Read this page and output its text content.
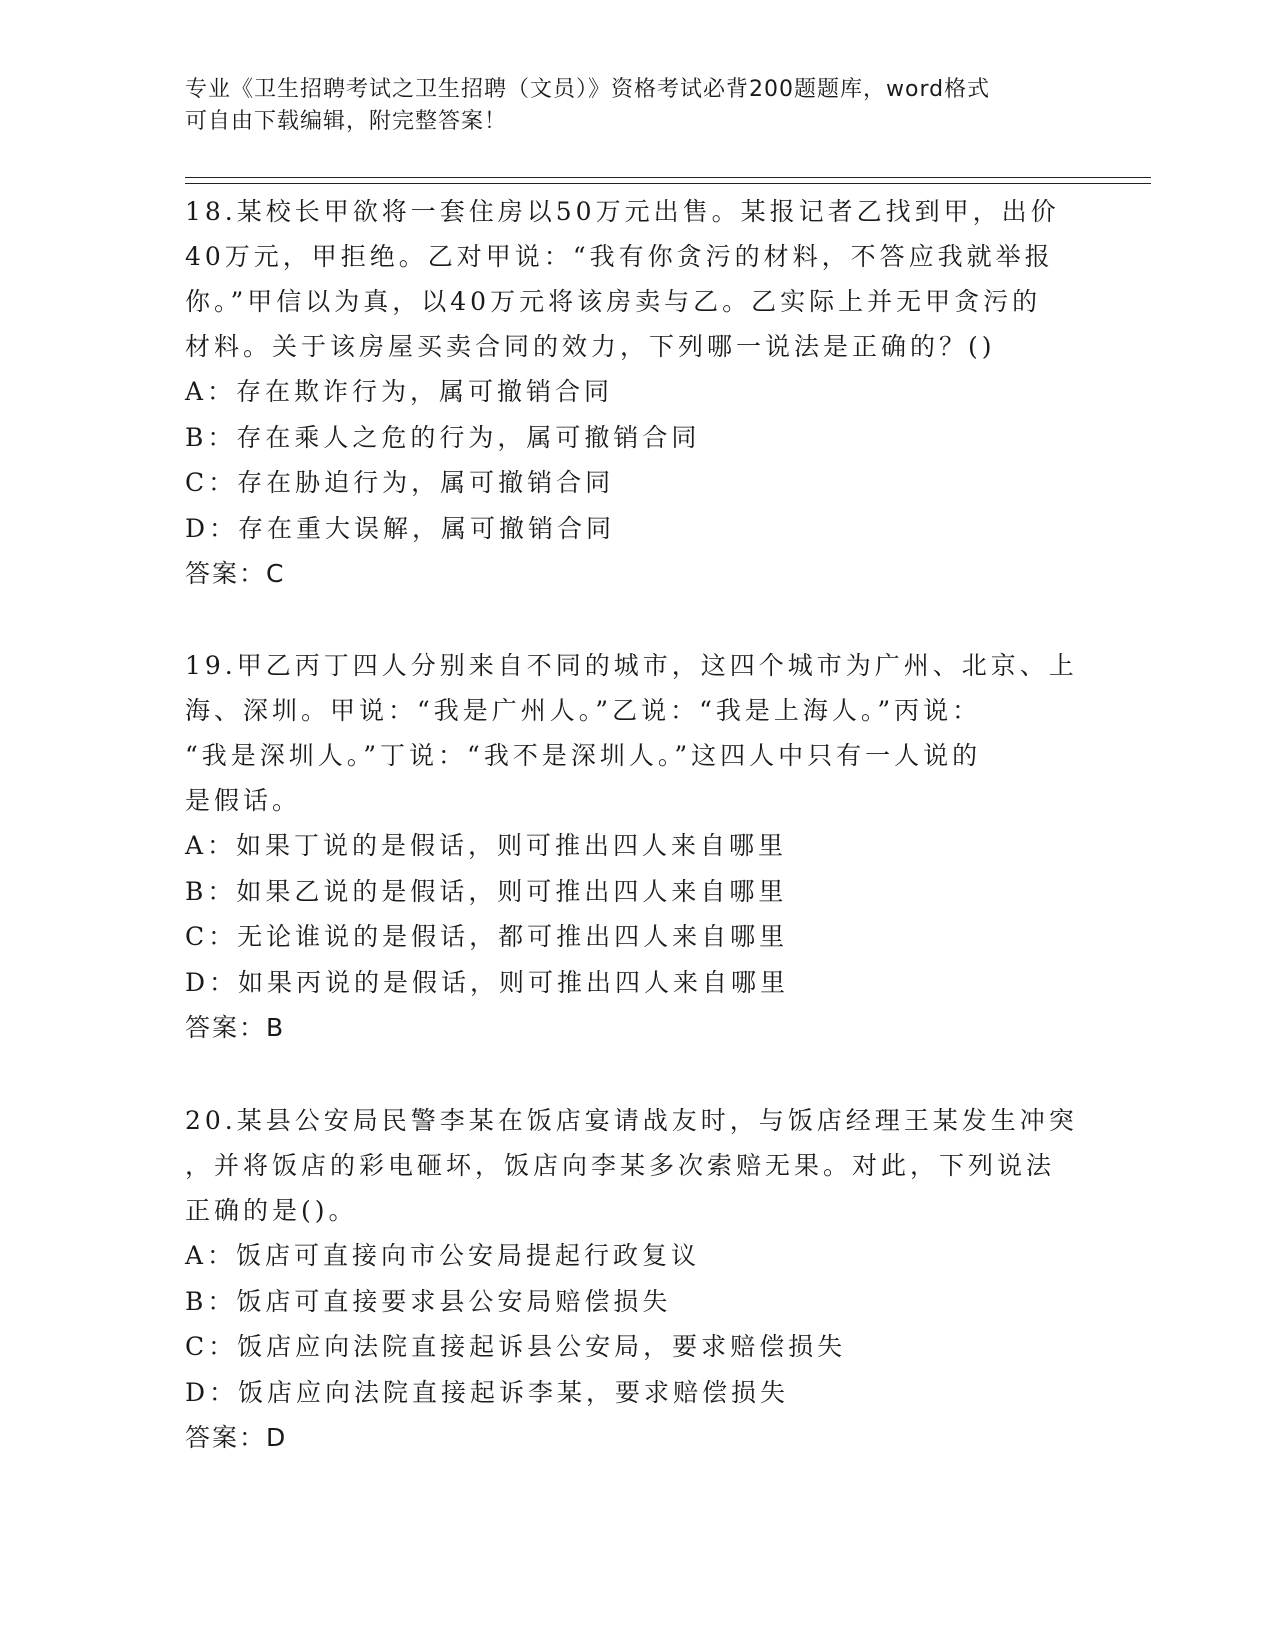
专业《卫生招聘考试之卫生招聘（文员）》资格考试必背200题题库，word格式
可自由下载编辑，附完整答案！
18.某校长甲欲将一套住房以50万元出售。某报记者乙找到甲，出价
40万元，甲拒绝。乙对甲说：“我有你贪污的材料，不答应我就举报
你。”甲信以为真，以40万元将该房卖与乙。乙实际上并无甲贪污的
材料。关于该房屋买卖合同的效力，下列哪一说法是正确的？()
A：存在欺诈行为，属可撤销合同
B：存在乘人之危的行为，属可撤销合同
C：存在胁迫行为，属可撤销合同
D：存在重大误解，属可撤销合同
答案：C
19.甲乙丙丁四人分别来自不同的城市，这四个城市为广州、北京、上
海、深圳。甲说：“我是广州人。”乙说：“我是上海人。”丙说：
“我是深圳人。”丁说：“我不是深圳人。”这四人中只有一人说的
是假话。
A：如果丁说的是假话，则可推出四人来自哪里
B：如果乙说的是假话，则可推出四人来自哪里
C：无论谁说的是假话，都可推出四人来自哪里
D：如果丙说的是假话，则可推出四人来自哪里
答案：B
20.某县公安局民警李某在饭店宴请战友时，与饭店经理王某发生冲突
，并将饭店的彩电砸坏，饭店向李某多次索赔无果。对此，下列说法
正确的是()。
A：饭店可直接向市公安局提起行政复议
B：饭店可直接要求县公安局赔偿损失
C：饭店应向法院直接起诉县公安局，要求赔偿损失
D：饭店应向法院直接起诉李某，要求赔偿损失
答案：D
